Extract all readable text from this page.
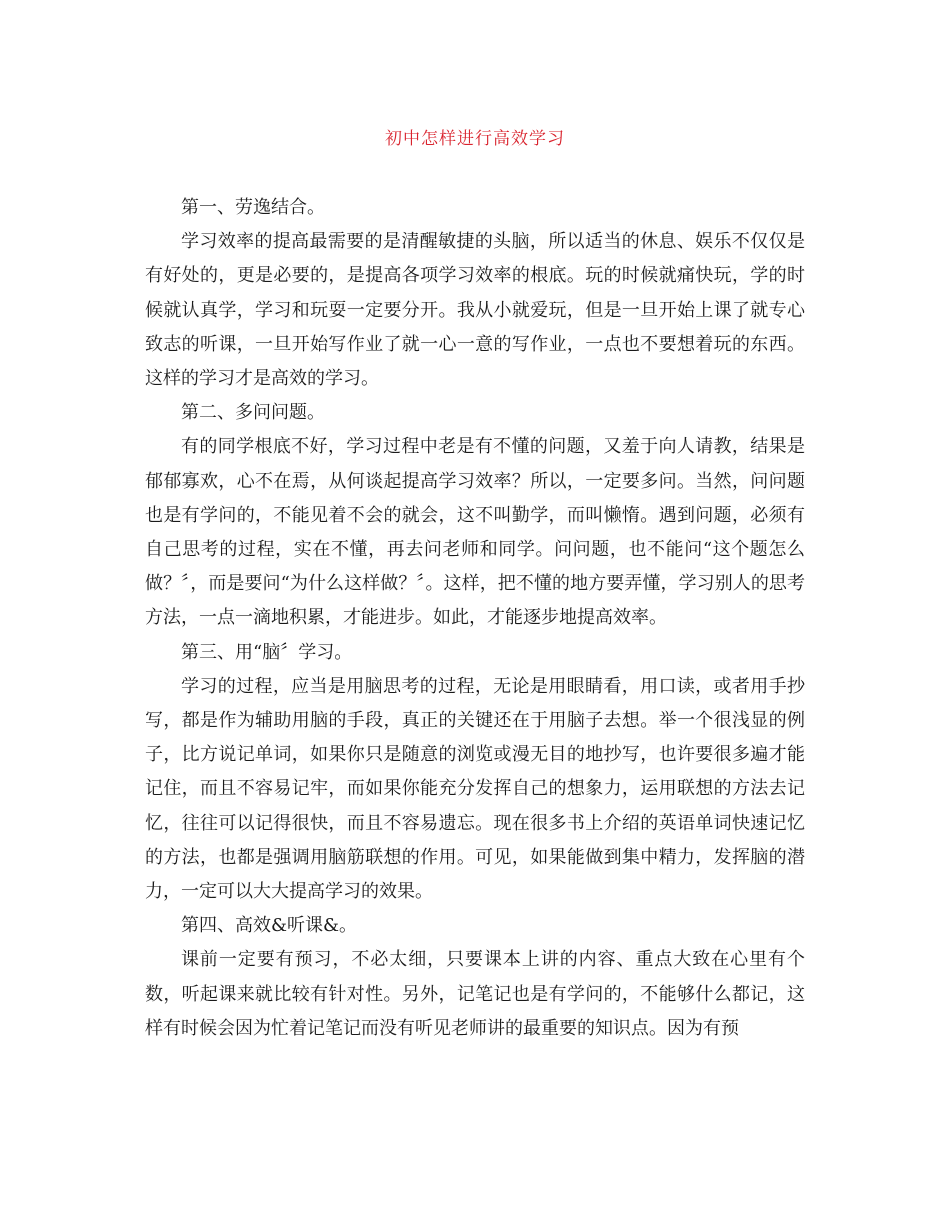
初中怎样进行高效学习

第一、劳逸结合。

学习效率的提高最需要的是清醒敏捷的头脑，所以适当的休息、娱乐不仅仅是有好处的，更是必要的，是提高各项学习效率的根底。玩的时候就痛快玩，学的时候就认真学，学习和玩耍一定要分开。我从小就爱玩，但是一旦开始上课了就专心致志的听课，一旦开始写作业了就一心一意的写作业，一点也不要想着玩的东西。这样的学习才是高效的学习。

第二、多问问题。

有的同学根底不好，学习过程中老是有不懂的问题，又羞于向人请教，结果是郁郁寡欢，心不在焉，从何谈起提高学习效率？所以，一定要多问。当然，问问题也是有学问的，不能见着不会的就会，这不叫勤学，而叫懒惰。遇到问题，必须有自己思考的过程，实在不懂，再去问老师和同学。问问题，也不能问“这个题怎么做？〞，而是要问“为什么这样做？〞。这样，把不懂的地方要弄懂，学习别人的思考方法，一点一滴地积累，才能进步。如此，才能逐步地提高效率。

第三、用“脑〞学习。

学习的过程，应当是用脑思考的过程，无论是用眼睛看，用口读，或者用手抄写，都是作为辅助用脑的手段，真正的关键还在于用脑子去想。举一个很浅显的例子，比方说记单词，如果你只是随意的浏览或漫无目的地抄写，也许要很多遍才能记住，而且不容易记牢，而如果你能充分发挥自己的想象力，运用联想的方法去记忆，往往可以记得很快，而且不容易遗忘。现在很多书上介绍的英语单词快速记忆的方法，也都是强调用脑筋联想的作用。可见，如果能做到集中精力，发挥脑的潜力，一定可以大大提高学习的效果。

第四、高效&听课&。

课前一定要有预习，不必太细，只要课本上讲的内容、重点大致在心里有个数，听起课来就比较有针对性。另外，记笔记也是有学问的，不能够什么都记，这样有时候会因为忙着记笔记而没有听见老师讲的最重要的知识点。因为有预
